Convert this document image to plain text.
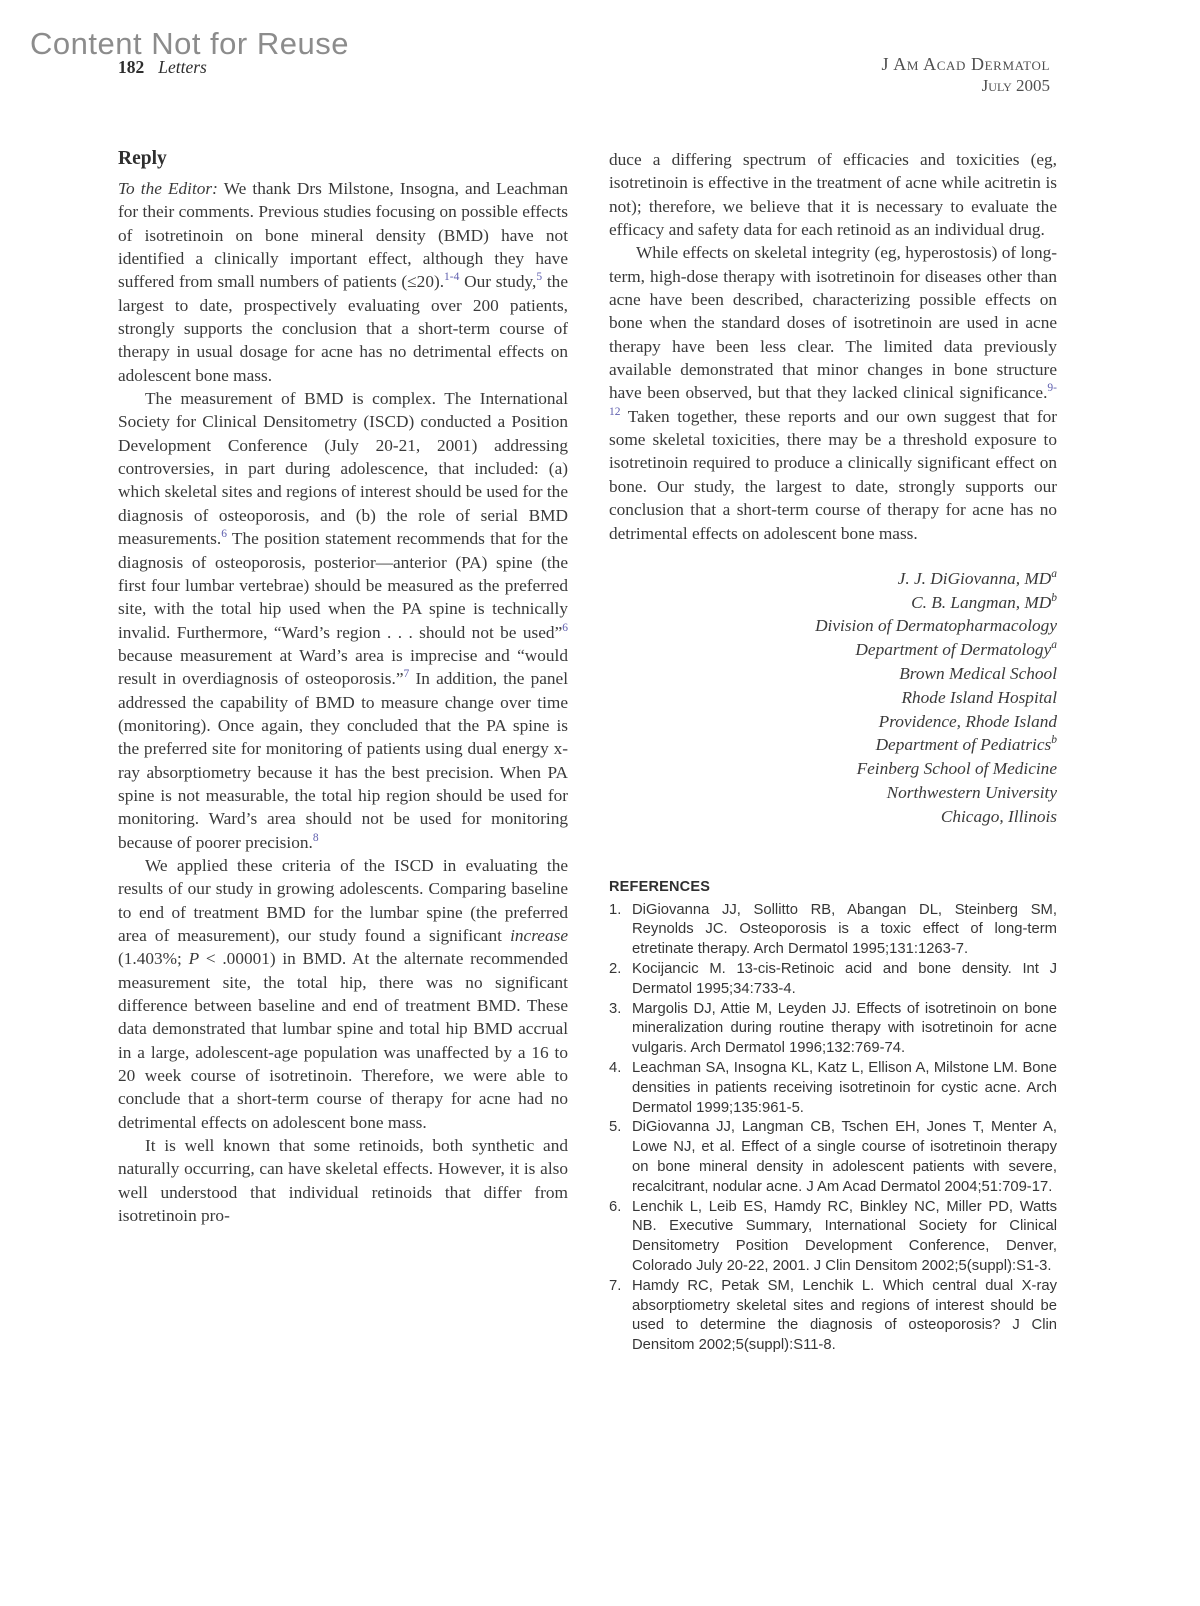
Content Not for Reuse
182 Letters	J Am Acad Dermatol
July 2005
Reply

To the Editor: We thank Drs Milstone, Insogna, and Leachman for their comments. Previous studies focusing on possible effects of isotretinoin on bone mineral density (BMD) have not identified a clinically important effect, although they have suffered from small numbers of patients (≤20).$^{1-4}$ Our study,$^5$ the largest to date, prospectively evaluating over 200 patients, strongly supports the conclusion that a short-term course of therapy in usual dosage for acne has no detrimental effects on adolescent bone mass.

The measurement of BMD is complex. The International Society for Clinical Densitometry (ISCD) conducted a Position Development Conference (July 20-21, 2001) addressing controversies, in part during adolescence, that included: (a) which skeletal sites and regions of interest should be used for the diagnosis of osteoporosis, and (b) the role of serial BMD measurements.$^6$ The position statement recommends that for the diagnosis of osteoporosis, posterior—anterior (PA) spine (the first four lumbar vertebrae) should be measured as the preferred site, with the total hip used when the PA spine is technically invalid. Furthermore, “Ward’s region . . . should not be used”$^6$ because measurement at Ward’s area is imprecise and “would result in overdiagnosis of osteoporosis.”$^7$ In addition, the panel addressed the capability of BMD to measure change over time (monitoring). Once again, they concluded that the PA spine is the preferred site for monitoring of patients using dual energy x-ray absorptiometry because it has the best precision. When PA spine is not measurable, the total hip region should be used for monitoring. Ward’s area should not be used for monitoring because of poorer precision.$^8$

We applied these criteria of the ISCD in evaluating the results of our study in growing adolescents. Comparing baseline to end of treatment BMD for the lumbar spine (the preferred area of measurement), our study found a significant increase (1.403%; P < .00001) in BMD. At the alternate recommended measurement site, the total hip, there was no significant difference between baseline and end of treatment BMD. These data demonstrated that lumbar spine and total hip BMD accrual in a large, adolescent-age population was unaffected by a 16 to 20 week course of isotretinoin. Therefore, we were able to conclude that a short-term course of therapy for acne had no detrimental effects on adolescent bone mass.

It is well known that some retinoids, both synthetic and naturally occurring, can have skeletal effects. However, it is also well understood that individual retinoids that differ from isotretinoin pro-

duce a differing spectrum of efficacies and toxicities (eg, isotretinoin is effective in the treatment of acne while acitretin is not); therefore, we believe that it is necessary to evaluate the efficacy and safety data for each retinoid as an individual drug.

While effects on skeletal integrity (eg, hyperostosis) of long-term, high-dose therapy with isotretinoin for diseases other than acne have been described, characterizing possible effects on bone when the standard doses of isotretinoin are used in acne therapy have been less clear. The limited data previously available demonstrated that minor changes in bone structure have been observed, but that they lacked clinical significance.$^{9-12}$ Taken together, these reports and our own suggest that for some skeletal toxicities, there may be a threshold exposure to isotretinoin required to produce a clinically significant effect on bone. Our study, the largest to date, strongly supports our conclusion that a short-term course of therapy for acne has no detrimental effects on adolescent bone mass.

J. J. DiGiovanna, $MD^a$
C. B. Langman, $MD^b$
Division of Dermatopharmacology
Department of Dermatology$^a$
Brown Medical School
Rhode Island Hospital
Providence, Rhode Island
Department of Pediatrics$^b$
Feinberg School of Medicine
Northwestern University
Chicago, Illinois
REFERENCES
1. DiGiovanna JJ, Sollitto RB, Abangan DL, Steinberg SM, Reynolds JC. Osteoporosis is a toxic effect of long-term etretinate therapy. Arch Dermatol 1995;131:1263-7.
2. Kocijancic M. 13-cis-Retinoic acid and bone density. Int J Dermatol 1995;34:733-4.
3. Margolis DJ, Attie M, Leyden JJ. Effects of isotretinoin on bone mineralization during routine therapy with isotretinoin for acne vulgaris. Arch Dermatol 1996;132:769-74.
4. Leachman SA, Insogna KL, Katz L, Ellison A, Milstone LM. Bone densities in patients receiving isotretinoin for cystic acne. Arch Dermatol 1999;135:961-5.
5. DiGiovanna JJ, Langman CB, Tschen EH, Jones T, Menter A, Lowe NJ, et al. Effect of a single course of isotretinoin therapy on bone mineral density in adolescent patients with severe, recalcitrant, nodular acne. J Am Acad Dermatol 2004;51:709-17.
6. Lenchik L, Leib ES, Hamdy RC, Binkley NC, Miller PD, Watts NB. Executive Summary, International Society for Clinical Densitometry Position Development Conference, Denver, Colorado July 20-22, 2001. J Clin Densitom 2002;5(suppl):S1-3.
7. Hamdy RC, Petak SM, Lenchik L. Which central dual X-ray absorptiometry skeletal sites and regions of interest should be used to determine the diagnosis of osteoporosis? J Clin Densitom 2002;5(suppl):S11-8.
